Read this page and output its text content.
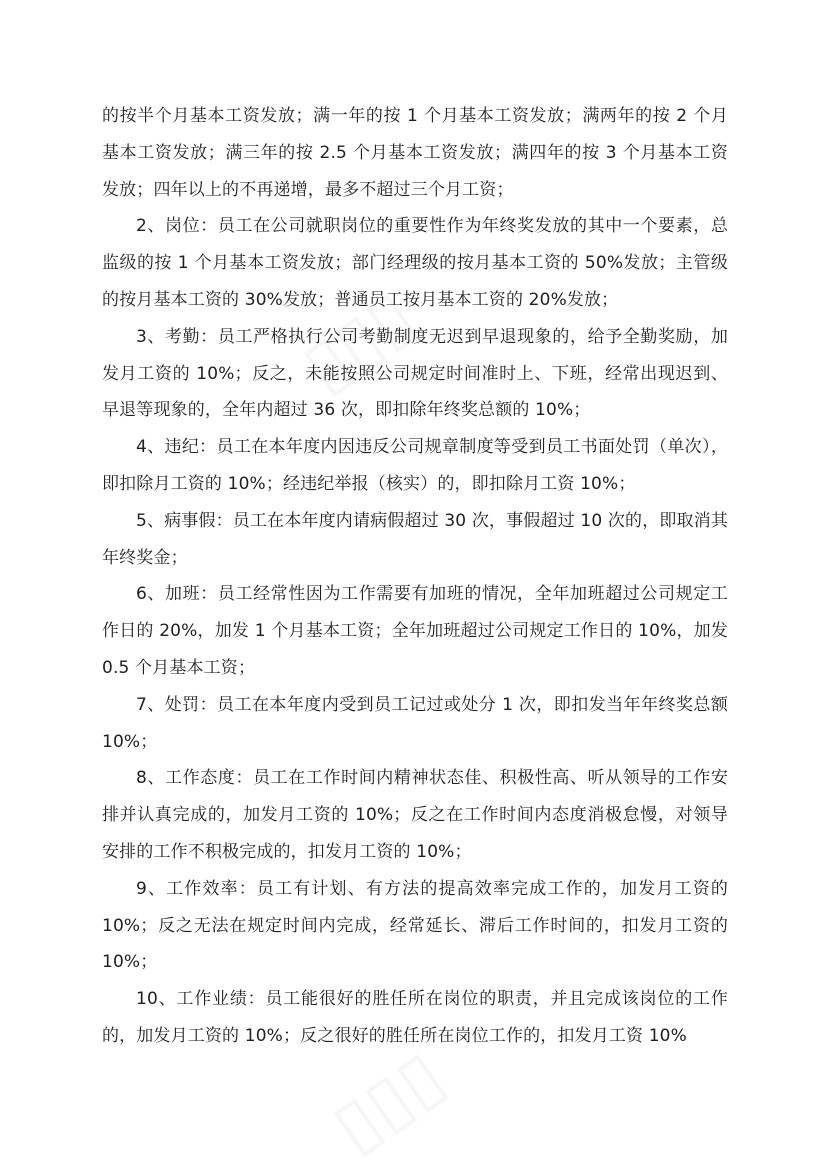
的按半个月基本工资发放；满一年的按 1 个月基本工资发放；满两年的按 2 个月基本工资发放；满三年的按 2.5 个月基本工资发放；满四年的按 3 个月基本工资发放；四年以上的不再递增，最多不超过三个月工资；

2、岗位：员工在公司就职岗位的重要性作为年终奖发放的其中一个要素，总监级的按 1 个月基本工资发放；部门经理级的按月基本工资的 50%发放；主管级的按月基本工资的 30%发放；普通员工按月基本工资的 20%发放；

3、考勤：员工严格执行公司考勤制度无迟到早退现象的，给予全勤奖励，加发月工资的 10%；反之，未能按照公司规定时间准时上、下班，经常出现迟到、早退等现象的，全年内超过 36 次，即扣除年终奖总额的 10%；

4、违纪：员工在本年度内因违反公司规章制度等受到员工书面处罚（单次），即扣除月工资的 10%；经违纪举报（核实）的，即扣除月工资 10%；

5、病事假：员工在本年度内请病假超过 30 次，事假超过 10 次的，即取消其年终奖金；

6、加班：员工经常性因为工作需要有加班的情况，全年加班超过公司规定工作日的 20%，加发 1 个月基本工资；全年加班超过公司规定工作日的 10%，加发 0.5 个月基本工资；

7、处罚：员工在本年度内受到员工记过或处分 1 次，即扣发当年年终奖总额 10%；

8、工作态度：员工在工作时间内精神状态佳、积极性高、听从领导的工作安排并认真完成的，加发月工资的 10%；反之在工作时间内态度消极怠慢，对领导安排的工作不积极完成的，扣发月工资的 10%；

9、工作效率：员工有计划、有方法的提高效率完成工作的，加发月工资的 10%；反之无法在规定时间内完成，经常延长、滞后工作时间的，扣发月工资的 10%；

10、工作业绩：员工能很好的胜任所在岗位的职责，并且完成该岗位的工作的，加发月工资的 10%；反之很好的胜任所在岗位工作的，扣发月工资 10%
